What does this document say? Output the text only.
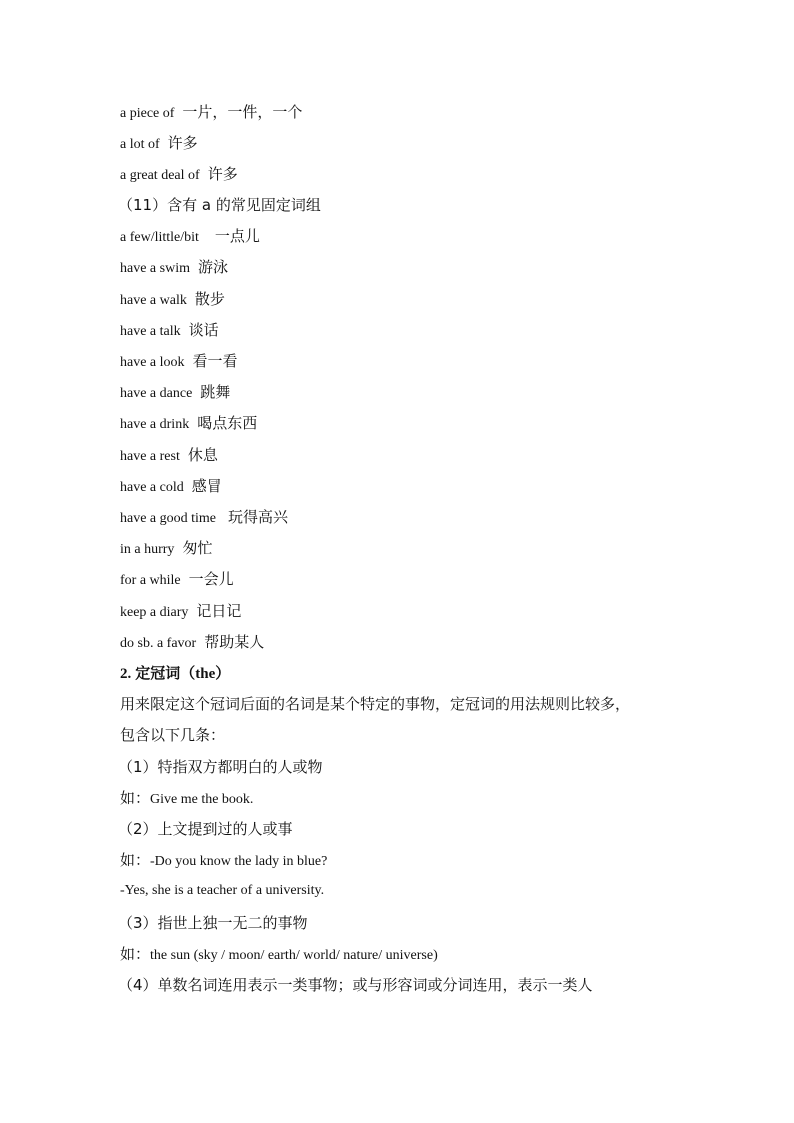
a piece of 一片，一件，一个
a lot of 许多
a great deal of 许多
（11）含有 a 的常见固定词组
a few/little/bit 一点儿
have a swim 游泳
have a walk 散步
have a talk 谈话
have a look 看一看
have a dance 跳舞
have a drink 喝点东西
have a rest 休息
have a cold 感冒
have a good time 玩得高兴
in a hurry 匆忙
for a while 一会儿
keep a diary 记日记
do sb. a favor 帮助某人
2. 定冠词（the）
用来限定这个冠词后面的名词是某个特定的事物，定冠词的用法规则比较多，
包含以下几条：
（1）特指双方都明白的人或物
如：Give me the book.
（2）上文提到过的人或事
如：-Do you know the lady in blue?
-Yes, she is a teacher of a university.
（3）指世上独一无二的事物
如：the sun (sky / moon/ earth/ world/ nature/ universe)
（4）单数名词连用表示一类事物；或与形容词或分词连用，表示一类人
